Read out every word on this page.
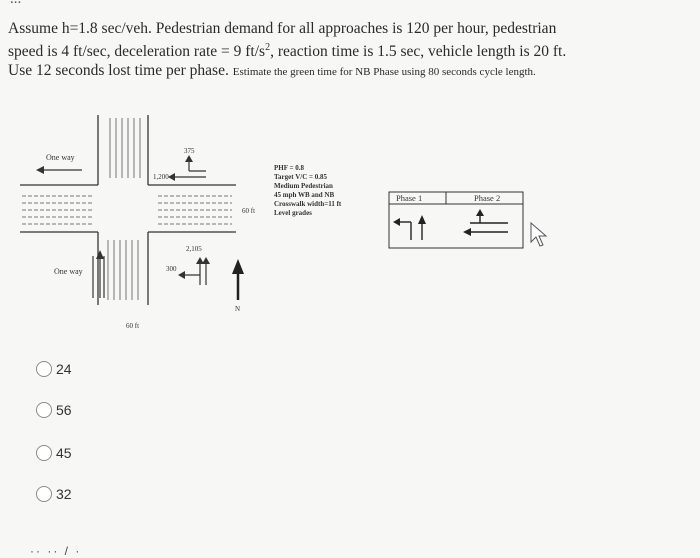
Assume h=1.8 sec/veh. Pedestrian demand for all approaches is 120 per hour, pedestrian
speed is 4 ft/sec, deceleration rate = 9 $ft/s^2$, reaction time is 1.5 sec, vehicle length is 20 ft.
Use 12 seconds lost time per phase. Estimate the green time for NB Phase using 80 seconds cycle length.
One way
One way
375
1,200
60 ft
2,105
300
N
60 ft
PHF = 0.8
Target V/C = 0.85
Medium Pedestrian
45 mph WB and NB
Crosswalk width=11 ft
Level grades
Phase 1	Phase 2
24
56
45
32
·· ·· / ·
